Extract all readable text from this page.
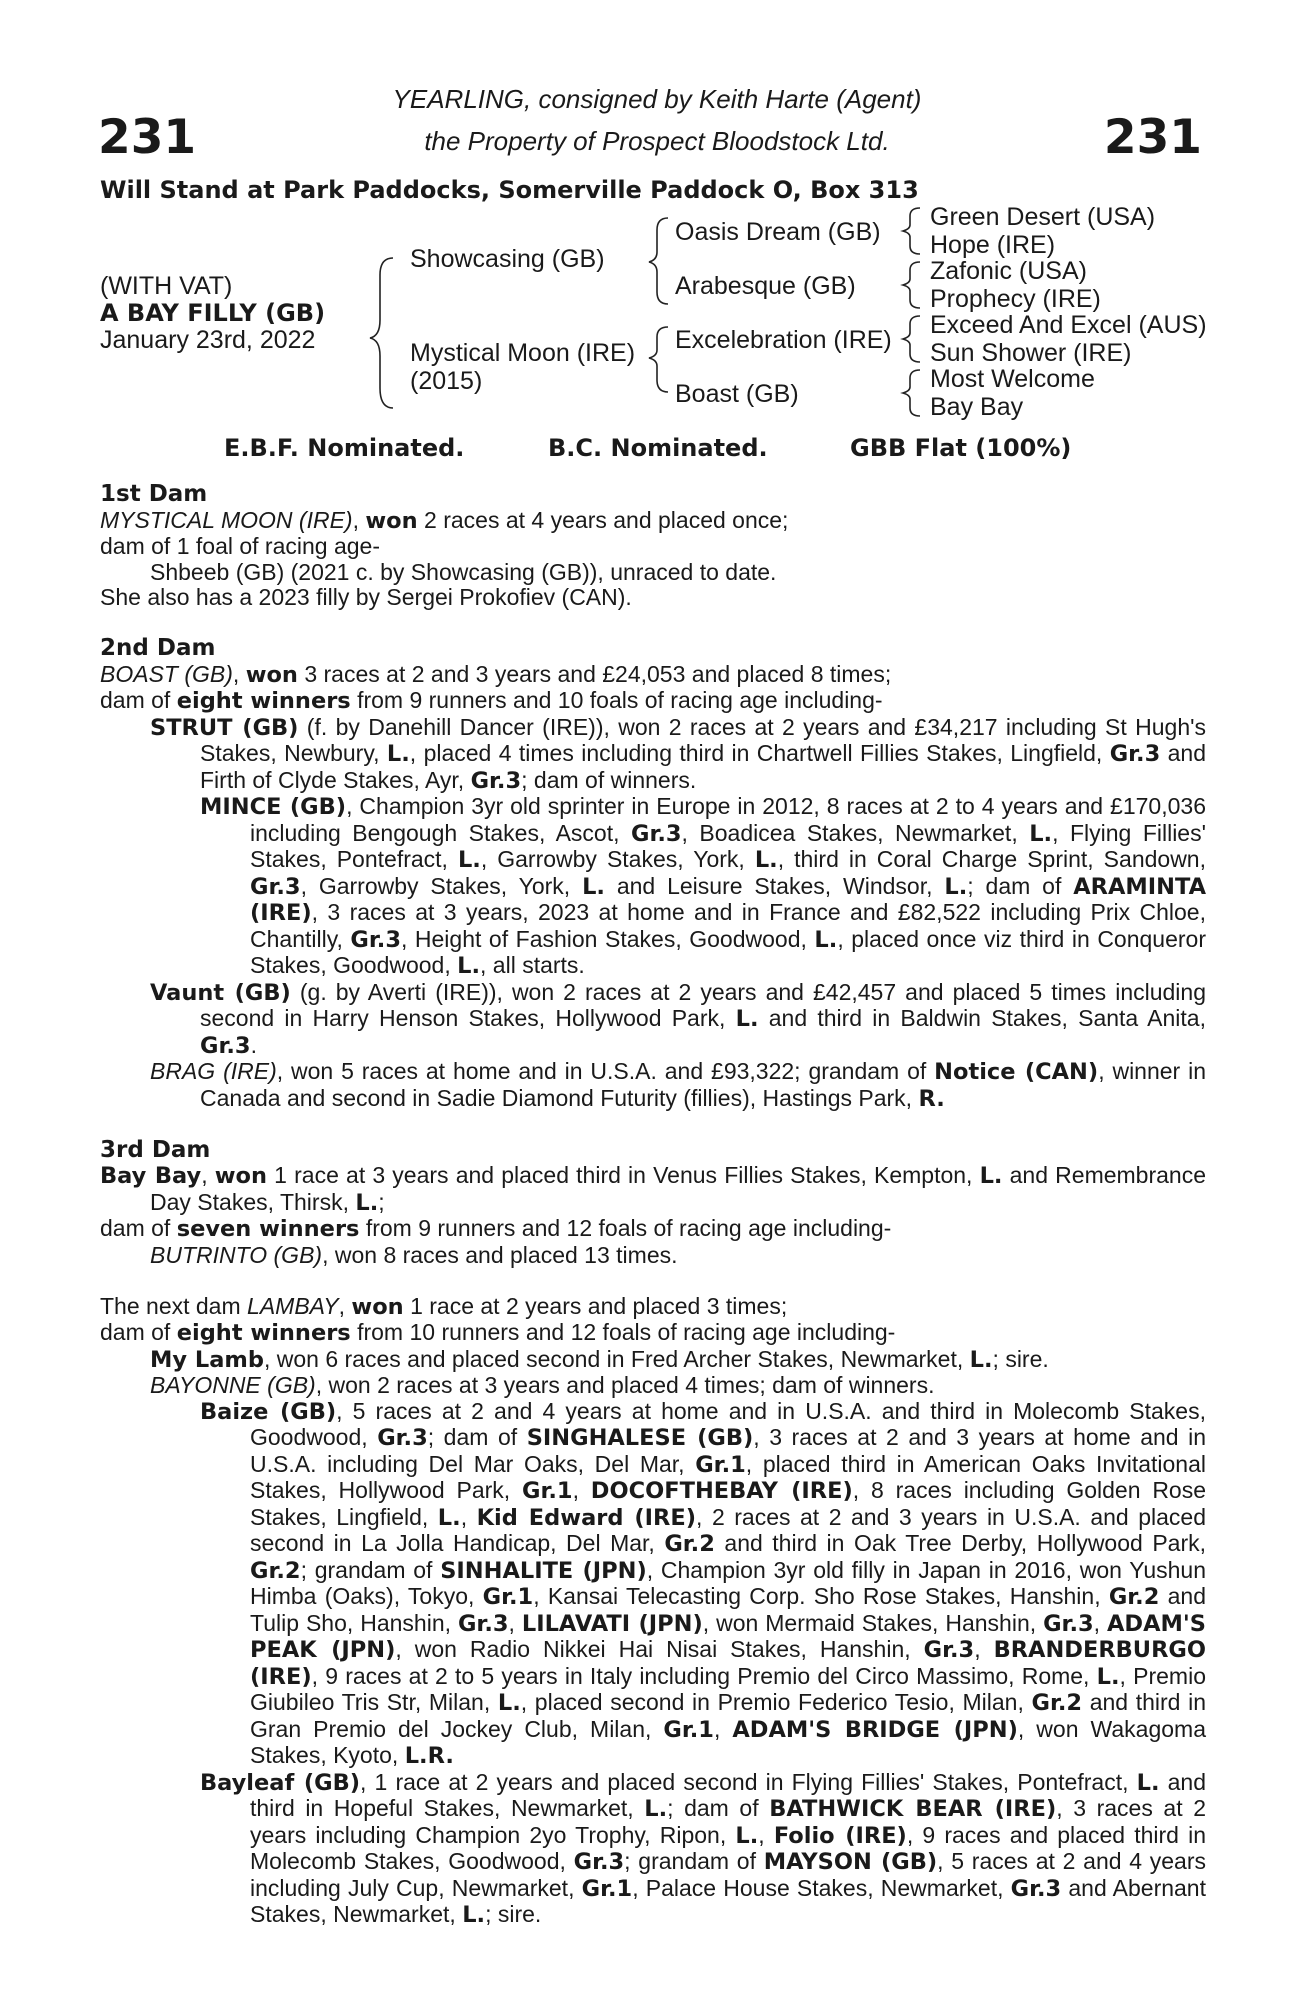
231	231
YEARLING, consigned by Keith Harte (Agent)
the Property of Prospect Bloodstock Ltd.
Will Stand at Park Paddocks, Somerville Paddock O, Box 313
(WITH VAT)
A BAY FILLY (GB)
January 23rd, 2022
Showcasing (GB)
Mystical Moon (IRE)
(2015)
Oasis Dream (GB)
Arabesque (GB)
Excelebration (IRE)
Boast (GB)
Green Desert (USA)
Hope (IRE)
Zafonic (USA)
Prophecy (IRE)
Exceed And Excel (AUS)
Sun Shower (IRE)
Most Welcome
Bay Bay
E.B.F. Nominated.	B.C. Nominated.	GBB Flat (100%)
1st Dam
MYSTICAL MOON (IRE), won 2 races at 4 years and placed once;
dam of 1 foal of racing age-
Shbeeb (GB) (2021 c. by Showcasing (GB)), unraced to date.
She also has a 2023 filly by Sergei Prokofiev (CAN).
2nd Dam
BOAST (GB), won 3 races at 2 and 3 years and £24,053 and placed 8 times;
dam of eight winners from 9 runners and 10 foals of racing age including-
STRUT (GB) (f. by Danehill Dancer (IRE)), won 2 races at 2 years and £34,217 including St Hugh's Stakes, Newbury, L., placed 4 times including third in Chartwell Fillies Stakes, Lingfield, Gr.3 and Firth of Clyde Stakes, Ayr, Gr.3; dam of winners.
MINCE (GB), Champion 3yr old sprinter in Europe in 2012, 8 races at 2 to 4 years and £170,036 including Bengough Stakes, Ascot, Gr.3, Boadicea Stakes, Newmarket, L., Flying Fillies' Stakes, Pontefract, L., Garrowby Stakes, York, L., third in Coral Charge Sprint, Sandown, Gr.3, Garrowby Stakes, York, L. and Leisure Stakes, Windsor, L.; dam of ARAMINTA (IRE), 3 races at 3 years, 2023 at home and in France and £82,522 including Prix Chloe, Chantilly, Gr.3, Height of Fashion Stakes, Goodwood, L., placed once viz third in Conqueror Stakes, Goodwood, L., all starts.
Vaunt (GB) (g. by Averti (IRE)), won 2 races at 2 years and £42,457 and placed 5 times including second in Harry Henson Stakes, Hollywood Park, L. and third in Baldwin Stakes, Santa Anita, Gr.3.
BRAG (IRE), won 5 races at home and in U.S.A. and £93,322; grandam of Notice (CAN), winner in Canada and second in Sadie Diamond Futurity (fillies), Hastings Park, R.
3rd Dam
Bay Bay, won 1 race at 3 years and placed third in Venus Fillies Stakes, Kempton, L. and Remembrance Day Stakes, Thirsk, L.;
dam of seven winners from 9 runners and 12 foals of racing age including-
BUTRINTO (GB), won 8 races and placed 13 times.
The next dam LAMBAY, won 1 race at 2 years and placed 3 times;
dam of eight winners from 10 runners and 12 foals of racing age including-
My Lamb, won 6 races and placed second in Fred Archer Stakes, Newmarket, L.; sire.
BAYONNE (GB), won 2 races at 3 years and placed 4 times; dam of winners.
Baize (GB), 5 races at 2 and 4 years at home and in U.S.A. and third in Molecomb Stakes, Goodwood, Gr.3; dam of SINGHALESE (GB), 3 races at 2 and 3 years at home and in U.S.A. including Del Mar Oaks, Del Mar, Gr.1, placed third in American Oaks Invitational Stakes, Hollywood Park, Gr.1, DOCOFTHEBAY (IRE), 8 races including Golden Rose Stakes, Lingfield, L., Kid Edward (IRE), 2 races at 2 and 3 years in U.S.A. and placed second in La Jolla Handicap, Del Mar, Gr.2 and third in Oak Tree Derby, Hollywood Park, Gr.2; grandam of SINHALITE (JPN), Champion 3yr old filly in Japan in 2016, won Yushun Himba (Oaks), Tokyo, Gr.1, Kansai Telecasting Corp. Sho Rose Stakes, Hanshin, Gr.2 and Tulip Sho, Hanshin, Gr.3, LILAVATI (JPN), won Mermaid Stakes, Hanshin, Gr.3, ADAM'S PEAK (JPN), won Radio Nikkei Hai Nisai Stakes, Hanshin, Gr.3, BRANDERBURGO (IRE), 9 races at 2 to 5 years in Italy including Premio del Circo Massimo, Rome, L., Premio Giubileo Tris Str, Milan, L., placed second in Premio Federico Tesio, Milan, Gr.2 and third in Gran Premio del Jockey Club, Milan, Gr.1, ADAM'S BRIDGE (JPN), won Wakagoma Stakes, Kyoto, L.R.
Bayleaf (GB), 1 race at 2 years and placed second in Flying Fillies' Stakes, Pontefract, L. and third in Hopeful Stakes, Newmarket, L.; dam of BATHWICK BEAR (IRE), 3 races at 2 years including Champion 2yo Trophy, Ripon, L., Folio (IRE), 9 races and placed third in Molecomb Stakes, Goodwood, Gr.3; grandam of MAYSON (GB), 5 races at 2 and 4 years including July Cup, Newmarket, Gr.1, Palace House Stakes, Newmarket, Gr.3 and Abernant Stakes, Newmarket, L.; sire.
